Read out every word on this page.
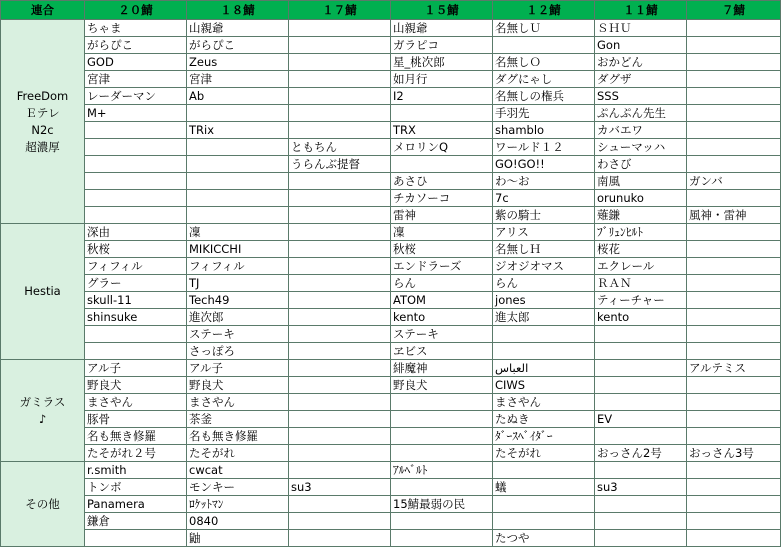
連合	２０鯖	１８鯖	１７鯖	１５鯖	１２鯖	１１鯖	７鯖
FreeDom
Ｅテレ
N2c
超濃厚	ちゃま	山親爺		山親爺	名無しＵ	ＳＨＵ	
	がらぴこ	がらぴこ		ガラピコ		Gon	
	GOD	Zeus		星_桃次郎	名無しＯ	おかどん	
	宮津	宮津		如月行	ダグにゃし	ダグザ	
	レーダーマン	Ab		I2	名無しの権兵	SSS	
	M+				手羽先	ぷんぷん先生	
		TRix		TRX	shamblo	カバエワ	
			ともちん	メロリンQ	ワールド１２	シューマッハ	
			うらんぶ提督		GO!GO!!	わさび	
				あさひ	わ～お	南風	ガンバ
				チカソーコ	7c	orunuko	
				雷神	紫の騎士	薙鎌	風神・雷神
Hestia	深由	凜		凜	アリス	ﾌﾞﾘｭﾝﾋﾙﾄ	
	秋桜	MIKICCHI		秋桜	名無しＨ	桜花	
	フィフィル	フィフィル		エンドラーズ	ジオジオマス	エクレール	
	グラー	TJ		らん	らん	ＲＡＮ	
	skull-11	Tech49		ATOM	jones	ティーチャー	
	shinsuke	進次郎		kento	進太郎	kento	
		ステーキ		ステーキ			
		さっぽろ		ヱビス			
ガミラス
♪	アル子	アル子		緋魔神	العباس		アルテミス
	野良犬	野良犬		野良犬	CIWS		
	まさやん	まさやん			まさやん		
	豚骨	茶釜			たぬき	EV	
	名も無き修羅	名も無き修羅			ﾀﾞｰｽﾍﾞｲﾀﾞｰ		
	たそがれ２号	たそがれ			たそがれ	おっさん2号	おっさん3号
その他	r.smith	cwcat		ｱﾙﾍﾞﾙﾄ			
	トンボ	モンキー	su3		蟻	su3	
	Panamera	ﾛｹｯﾄﾏﾝ		15鯖最弱の民			
	鎌倉	0840					
		鼬			たつや		
